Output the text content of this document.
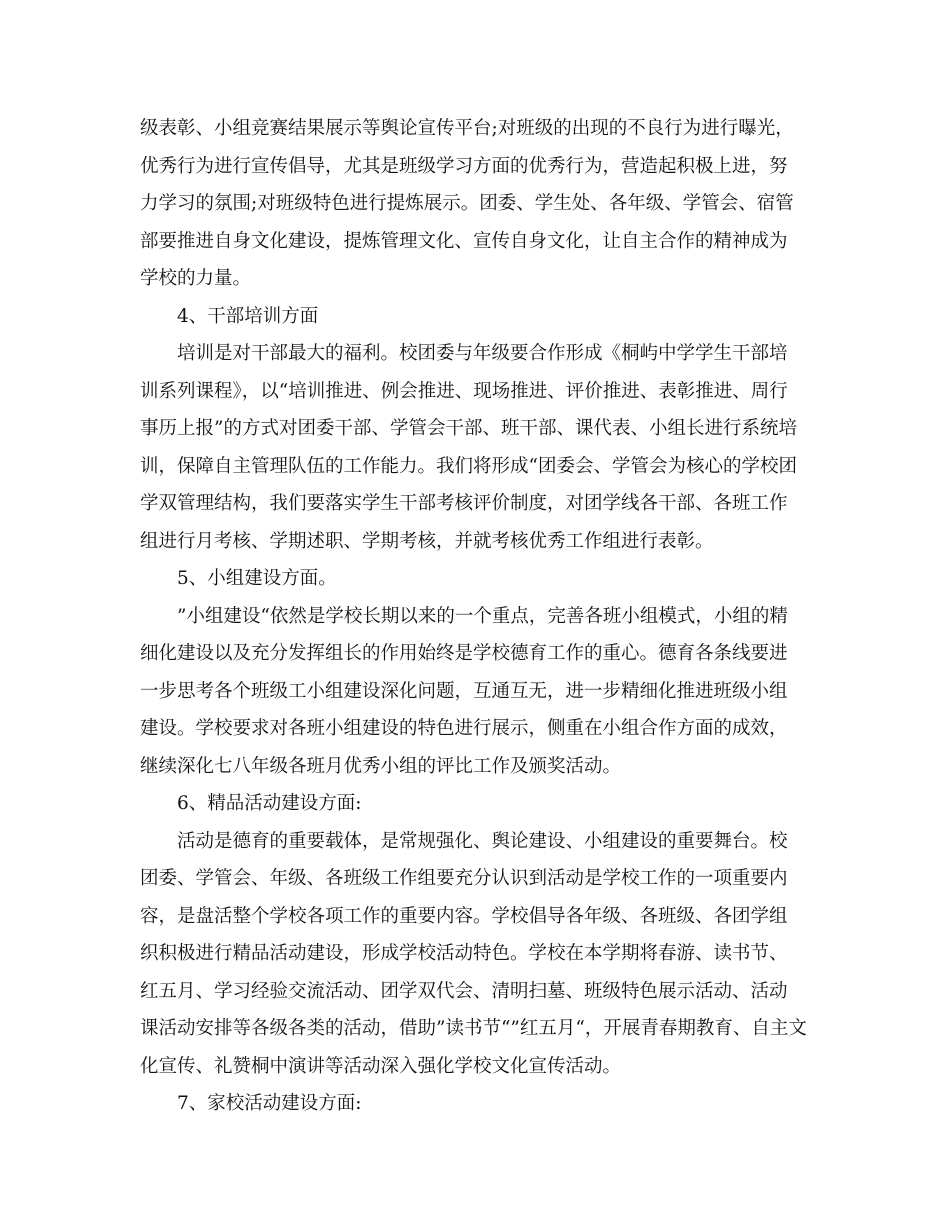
级表彰、小组竞赛结果展示等舆论宣传平台;对班级的出现的不良行为进行曝光，
优秀行为进行宣传倡导，尤其是班级学习方面的优秀行为，营造起积极上进，努
力学习的氛围;对班级特色进行提炼展示。团委、学生处、各年级、学管会、宿管
部要推进自身文化建设，提炼管理文化、宣传自身文化，让自主合作的精神成为
学校的力量。
4、干部培训方面
培训是对干部最大的福利。校团委与年级要合作形成《桐屿中学学生干部培
训系列课程》，以“培训推进、例会推进、现场推进、评价推进、表彰推进、周行
事历上报”的方式对团委干部、学管会干部、班干部、课代表、小组长进行系统培
训，保障自主管理队伍的工作能力。我们将形成“团委会、学管会为核心的学校团
学双管理结构，我们要落实学生干部考核评价制度，对团学线各干部、各班工作
组进行月考核、学期述职、学期考核，并就考核优秀工作组进行表彰。
5、小组建设方面。
”小组建设“依然是学校长期以来的一个重点，完善各班小组模式，小组的精
细化建设以及充分发挥组长的作用始终是学校德育工作的重心。德育各条线要进
一步思考各个班级工小组建设深化问题，互通互无，进一步精细化推进班级小组
建设。学校要求对各班小组建设的特色进行展示，侧重在小组合作方面的成效，
继续深化七八年级各班月优秀小组的评比工作及颁奖活动。
6、精品活动建设方面:
活动是德育的重要载体，是常规强化、舆论建设、小组建设的重要舞台。校
团委、学管会、年级、各班级工作组要充分认识到活动是学校工作的一项重要内
容，是盘活整个学校各项工作的重要内容。学校倡导各年级、各班级、各团学组
织积极进行精品活动建设，形成学校活动特色。学校在本学期将春游、读书节、
红五月、学习经验交流活动、团学双代会、清明扫墓、班级特色展示活动、活动
课活动安排等各级各类的活动，借助”读书节“”红五月“，开展青春期教育、自主文
化宣传、礼赞桐中演讲等活动深入强化学校文化宣传活动。
7、家校活动建设方面:
